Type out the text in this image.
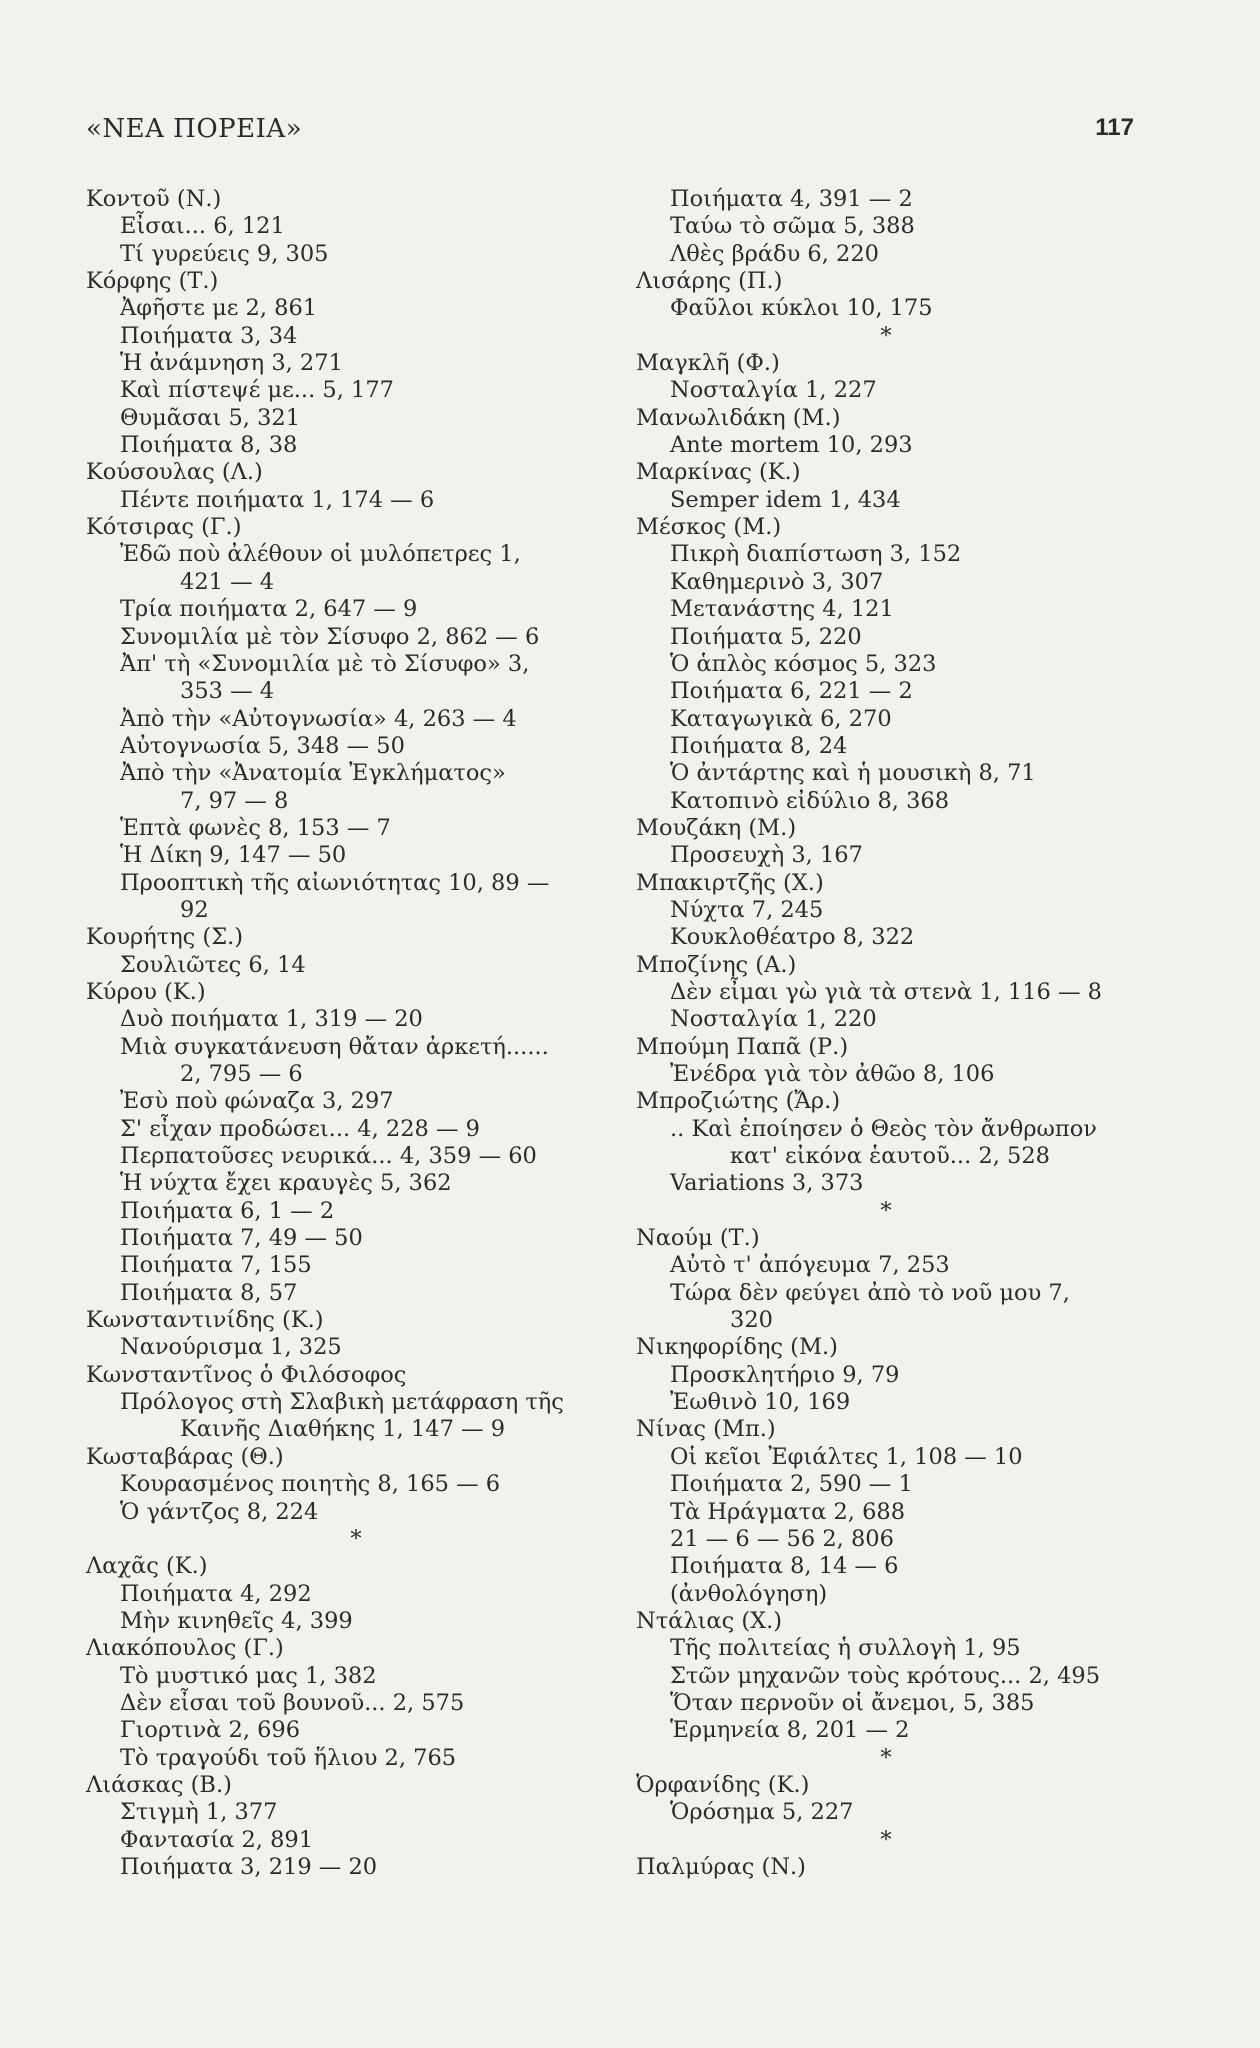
«ΝΕΑ ΠΟΡΕΙΑ»	117
Κοντοῦ (Ν.)
Εἶσαι... 6, 121
Τί γυρεύεις 9, 305
Κόρφης (Τ.)
Ἀφῆστε με 2, 861
Ποιήματα 3, 34
Ἡ ἀνάμνηση 3, 271
Καὶ πίστεψέ με... 5, 177
Θυμᾶσαι 5, 321
Ποιήματα 8, 38
Κούσουλας (Λ.)
Πέντε ποιήματα 1, 174 — 6
Κότσιρας (Γ.)
Ἐδῶ ποὺ ἀλέθουν οἱ μυλόπετρες 1,
421 — 4
Τρία ποιήματα 2, 647 — 9
Συνομιλία μὲ τὸν Σίσυφο 2, 862 — 6
Ἀπ' τὴ «Συνομιλία μὲ τὸ Σίσυφο» 3,
353 — 4
Ἀπὸ τὴν «Αὐτογνωσία» 4, 263 — 4
Αὐτογνωσία 5, 348 — 50
Ἀπὸ τὴν «Ἀνατομία Ἐγκλήματος»
7, 97 — 8
Ἑπτὰ φωνὲς 8, 153 — 7
Ἡ Δίκη 9, 147 — 50
Προοπτικὴ τῆς αἰωνιότητας 10, 89 —
92
Κουρήτης (Σ.)
Σουλιῶτες 6, 14
Κύρου (Κ.)
Δυὸ ποιήματα 1, 319 — 20
Μιὰ συγκατάνευση θἄταν ἀρκετή......
2, 795 — 6
Ἐσὺ ποὺ φώναζα 3, 297
Σ' εἶχαν προδώσει... 4, 228 — 9
Περπατοῦσες νευρικά... 4, 359 — 60
Ἡ νύχτα ἔχει κραυγὲς 5, 362
Ποιήματα 6, 1 — 2
Ποιήματα 7, 49 — 50
Ποιήματα 7, 155
Ποιήματα 8, 57
Κωνσταντινίδης (Κ.)
Νανούρισμα 1, 325
Κωνσταντῖνος ὁ Φιλόσοφος
Πρόλογος στὴ Σλαβικὴ μετάφραση τῆς
Καινῆς Διαθήκης 1, 147 — 9
Κωσταβάρας (Θ.)
Κουρασμένος ποιητὴς 8, 165 — 6
Ὁ γάντζος 8, 224
*
Λαχᾶς (Κ.)
Ποιήματα 4, 292
Μὴν κινηθεῖς 4, 399
Λιακόπουλος (Γ.)
Τὸ μυστικό μας 1, 382
Δὲν εἶσαι τοῦ βουνοῦ... 2, 575
Γιορτινὰ 2, 696
Τὸ τραγούδι τοῦ ἥλιου 2, 765
Λιάσκας (Β.)
Στιγμὴ 1, 377
Φαντασία 2, 891
Ποιήματα 3, 219 — 20
Ποιήματα 4, 391 — 2
Ταύω τὸ σῶμα 5, 388
Λθὲς βράδυ 6, 220
Λισάρης (Π.)
Φαῦλοι κύκλοι 10, 175
*
Μαγκλῆ (Φ.)
Νοσταλγία 1, 227
Μανωλιδάκη (Μ.)
Ante mortem 10, 293
Μαρκίνας (Κ.)
Semper idem 1, 434
Μέσκος (Μ.)
Πικρὴ διαπίστωση 3, 152
Καθημερινὸ 3, 307
Μετανάστης 4, 121
Ποιήματα 5, 220
Ὁ ἁπλὸς κόσμος 5, 323
Ποιήματα 6, 221 — 2
Καταγωγικὰ 6, 270
Ποιήματα 8, 24
Ὁ ἀντάρτης καὶ ἡ μουσικὴ 8, 71
Κατοπινὸ εἰδύλιο 8, 368
Μουζάκη (Μ.)
Προσευχὴ 3, 167
Μπακιρτζῆς (Χ.)
Νύχτα 7, 245
Κουκλοθέατρο 8, 322
Μποζίνης (Α.)
Δὲν εἶμαι γὼ γιὰ τὰ στενὰ 1, 116 — 8
Νοσταλγία 1, 220
Μπούμη Παπᾶ (Ρ.)
Ἐνέδρα γιὰ τὸν ἀθῶο 8, 106
Μπροζιώτης (Ἄρ.)
.. Καὶ ἐποίησεν ὁ Θεὸς τὸν ἄνθρωπον
κατ' εἰκόνα ἑαυτοῦ... 2, 528
Variations 3, 373
*
Ναούμ (Τ.)
Αὐτὸ τ' ἀπόγευμα 7, 253
Τώρα δὲν φεύγει ἀπὸ τὸ νοῦ μου 7,
320
Νικηφορίδης (Μ.)
Προσκλητήριο 9, 79
Ἐωθινὸ 10, 169
Νίνας (Μπ.)
Οἱ κεῖοι Ἐφιάλτες 1, 108 — 10
Ποιήματα 2, 590 — 1
Τὰ Ηράγματα 2, 688
21 — 6 — 56 2, 806
Ποιήματα 8, 14 — 6
(ἀνθολόγηση)
Ντάλιας (Χ.)
Τῆς πολιτείας ἡ συλλογὴ 1, 95
Στῶν μηχανῶν τοὺς κρότους... 2, 495
Ὅταν περνοῦν οἱ ἄνεμοι, 5, 385
Ἑρμηνεία 8, 201 — 2
*
Ὀρφανίδης (Κ.)
Ὁρόσημα 5, 227
*
Παλμύρας (Ν.)
